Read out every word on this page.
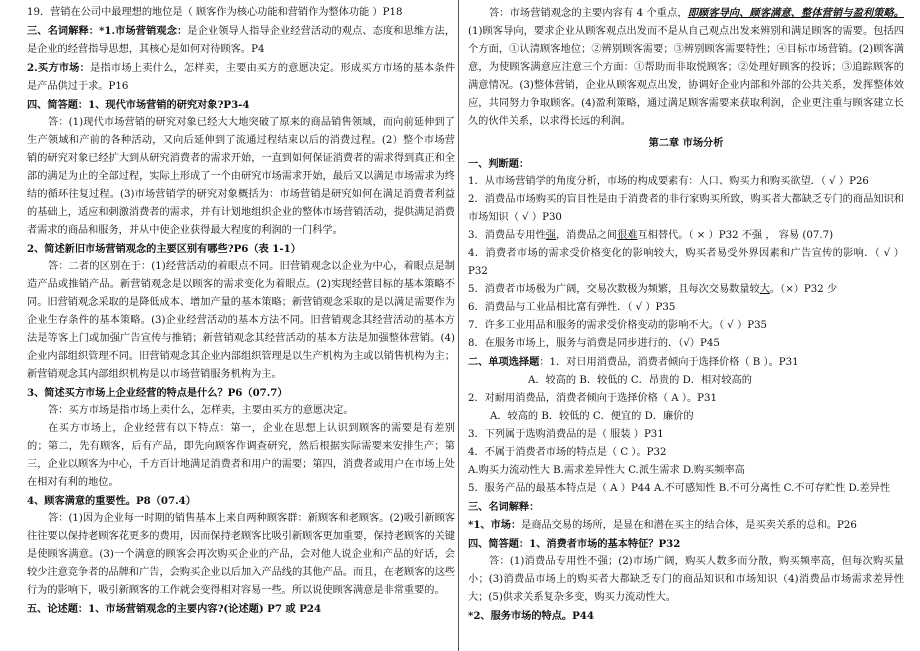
·····

19．营销在公司中最理想的地位是（ 顾客作为核心功能和营销作为整体功能 ）P18

三、名词解释：*1.市场营销观念：是企业领导人指导企业经营活动的观点、态度和思维方法，是企业的经营指导思想，其核心是如何对待顾客。P4

2.买方市场：是指市场上卖什么，怎样卖，主要由买方的意愿决定。形成买方市场的基本条件是产品供过于求。P16

四、简答题：1、现代市场营销的研究对象?P3-4

答：(1)现代市场营销的研究对象已经大大地突破了原来的商品销售领域，而向前延伸到了生产领域和产前的各种活动，又向后延伸到了流通过程结束以后的消费过程。(2）整个市场营销的研究对象已经扩大到从研究消费者的需求开始，一直到如何保证消费者的需求得到真正和全部的满足为止的全部过程，实际上形成了一个由研究市场需求开始，最后又以满足市场需求为终结的循环往复过程。(3)市场营销学的研究对象概括为：市场营销是研究如何在满足消费者利益的基础上，适应和刺激消费者的需求，并有计划地组织企业的整体市场营销活动，提供满足消费者需求的商品和服务，并从中使企业获得最大程度的利润的一门科学。

2、简述新旧市场营销观念的主要区别有哪些?P6（表 1-1）

答：二者的区别在于：(1)经营活动的着眼点不同。旧营销观念以企业为中心，着眼点是制造产品或推销产品。新营销观念是以顾客的需求变化为着眼点。(2)实现经营目标的基本策略不同。旧营销观念采取的是降低成本、增加产量的基本策略；新营销观念采取的是以满足需要作为企业生存条件的基本策略。(3)企业经营活动的基本方法不同。旧营销观念其经营活动的基本方法是等客上门或加强广告宣传与推销；新营销观念其经营活动的基本方法是加强整体营销。(4)企业内部组织管理不同。旧营销观念其企业内部组织管理是以生产机构为主或以销售机构为主；新营销观念其内部组织机构是以市场营销服务机构为主。

3、简述买方市场上企业经营的特点是什么？P6（07.7）

答：买方市场是指市场上卖什么，怎样卖，主要由买方的意愿决定。

在买方市场上，企业经营有以下特点：第一，企业在思想上认识到顾客的需要是有差别的；第二，先有顾客，后有产品，即先向顾客作调查研究，然后根据实际需要来安排生产；第三，企业以顾客为中心，千方百计地满足消费者和用户的需要；第四，消费者或用户在市场上处在相对有利的地位。

4、顾客满意的重要性。P8（07.4）

答：(1)因为企业每一时期的销售基本上来自两种顾客群：新顾客和老顾客。(2)吸引新顾客往往要以保持老顾客花更多的费用，因而保持老顾客比吸引新顾客更加重要，保持老顾客的关键是使顾客满意。(3)一个满意的顾客会再次购买企业的产品，会对他人说企业和产品的好话，会较少注意竞争者的品牌和广告，会购买企业以后加入产品线的其他产品。而且，在老顾客的这些行为的影响下，吸引新顾客的工作就会变得相对容易一些。所以说使顾客满意是非常重要的。

五、论述题：1、市场营销观念的主要内容?(论述题) P7 或 P24

答：市场营销观念的主要内容有 4 个重点，即顾客导向、顾客满意、整体营销与盈利策略。(1)顾客导向，要求企业从顾客观点出发而不是从自己观点出发来辨别和满足顾客的需要。包括四个方面，①认清顾客地位；②辨别顾客需要；③辨别顾客需要特性；④目标市场营销。(2)顾客满意，为使顾客满意应注意三个方面：①帮助而非取悦顾客；②处理好顾客的投诉；③追踪顾客的满意情况。(3)整体营销，企业从顾客观点出发，协调好企业内部和外部的公共关系，发挥整体效应，共同努力争取顾客。(4)盈利策略，通过满足顾客需要来获取利润，企业更注重与顾客建立长久的伙伴关系，以求得长远的利润。

第二章 市场分析

一、判断题：

1．从市场营销学的角度分析，市场的构成要素有：人口、购买力和购买欲望．（ √ ）P26

2．消费品市场购买的盲目性是由于消费者的非行家购买所致，购买者大都缺乏专门的商品知识和市场知识（ √ ）P30

3．消费品专用性强，消费品之间很难互相替代。（ × ）P32 不强 ， 容易 (07.7)

4．消费者市场的需求受价格变化的影响较大，购买者易受外界因素和广告宣传的影响．（ √ ）P32

5．消费者市场极为广阔，交易次数极为频繁，且每次交易数量较大。（×）P32 少

6．消费品与工业品相比富有弹性．（ √ ）P35

7．许多工业用品和服务的需求受价格变动的影响不大。（ √ ）P35

8．在服务市场上，服务与消费是同步进行的．（√）P45

二、单项选择题：1．对日用消费品，消费者倾向于选择价格（ B ）。P31

A．较高的 B．较低的 C．昂贵的 D．相对较高的

2．对耐用消费品，消费者倾向于选择价格（ A ）。P31

A．较高的 B．较低的 C．便宜的 D．廉价的

3．下列属于选购消费品的是（ 服装 ）P31

4．不属于消费者市场的特点是（ C ）。P32

A.购买力流动性大 B.需求差异性大 C.派生需求 D.购买频率高

5．服务产品的最基本特点是（ A ）P44 A.不可感知性 B.不可分离性 C.不可存贮性 D.差异性

三、名词解释：

*1、市场：是商品交易的场所，是显在和潜在买主的结合体，是买卖关系的总和。P26

四、简答题：1、消费者市场的基本特征？P32

答：(1)消费品专用性不强；(2)市场广阔，购买人数多而分散，购买频率高，但每次购买量小；(3)消费品市场上的购买者大都缺乏专门的商品知识和市场知识（4)消费品市场需求差异性大；(5)供求关系复杂多变，购买力流动性大。

*2、服务市场的特点。P44
